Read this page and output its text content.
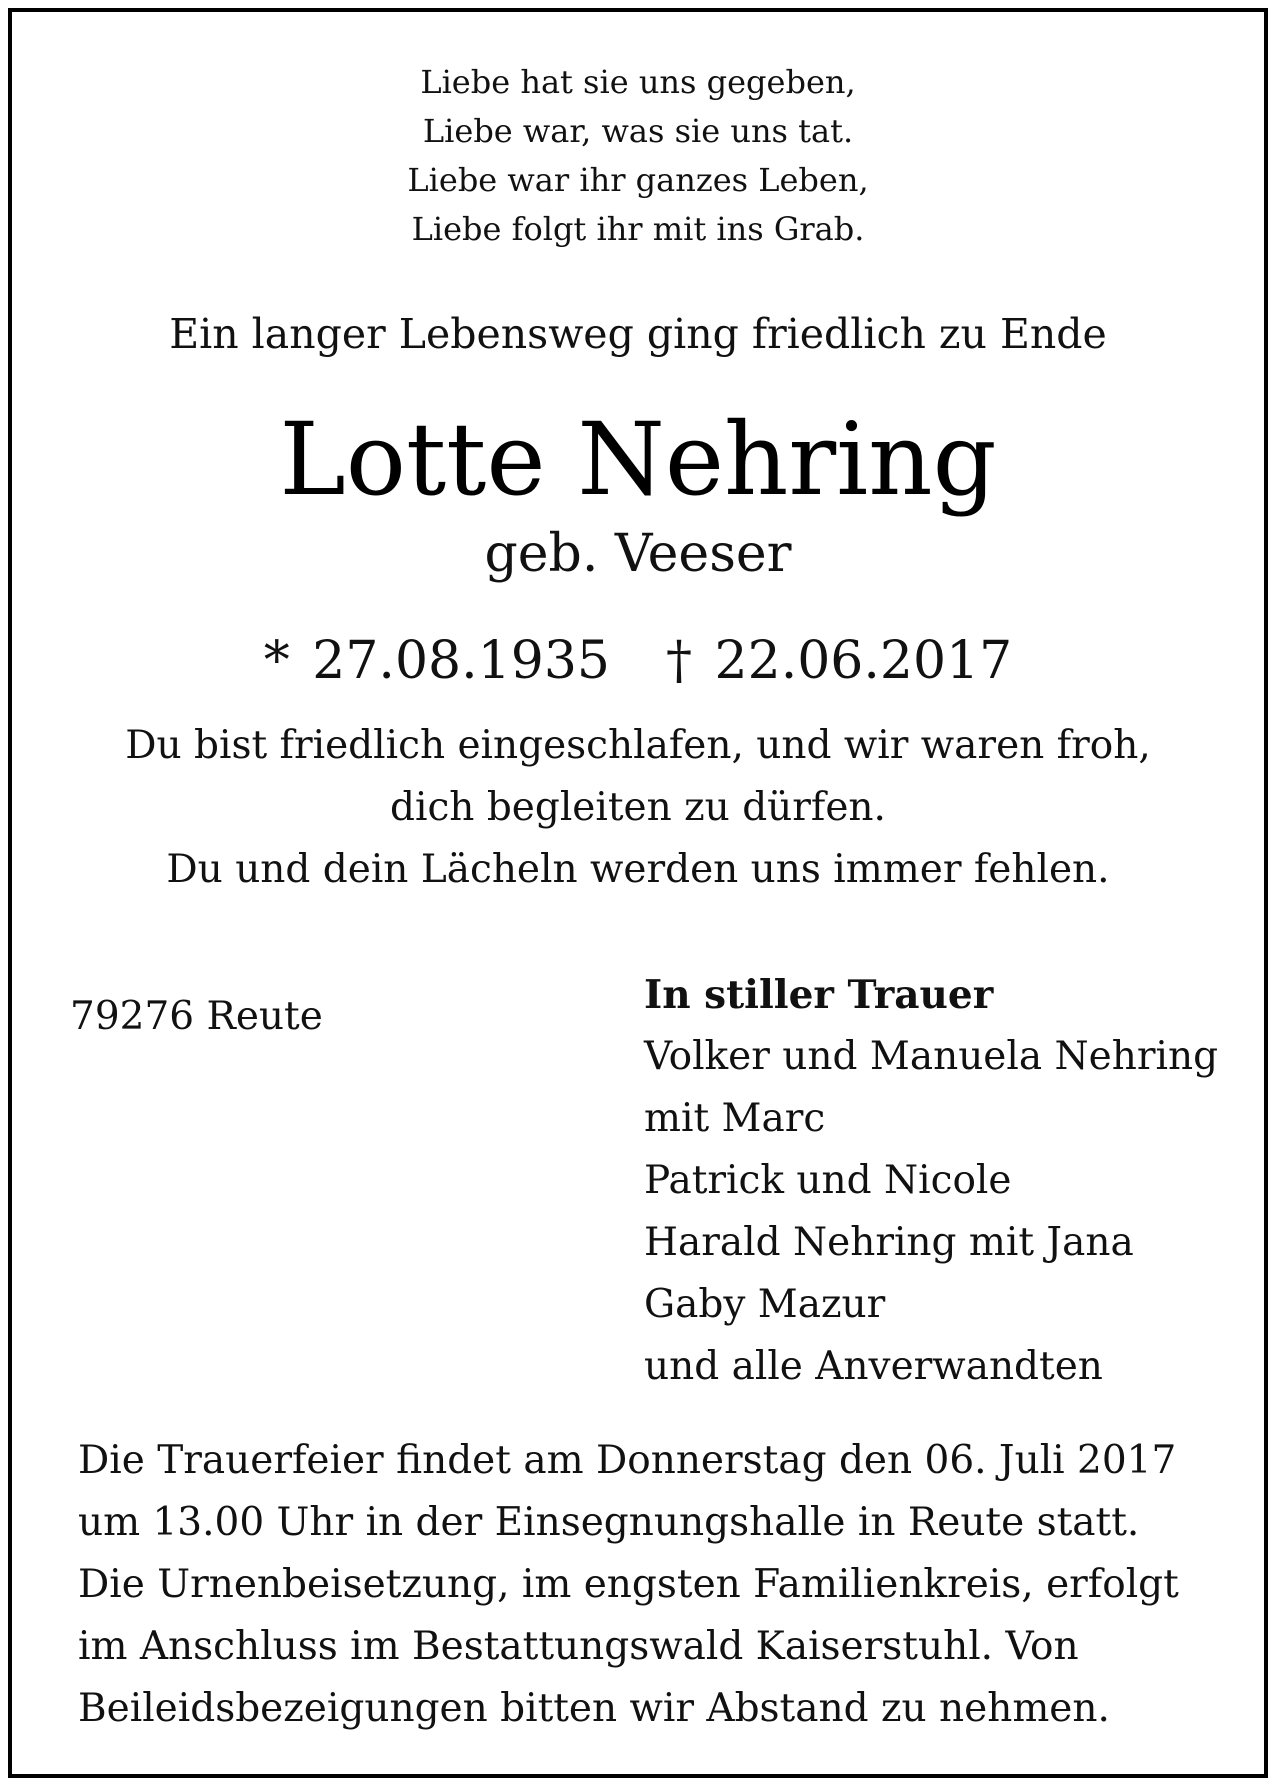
Liebe hat sie uns gegeben,
Liebe war, was sie uns tat.
Liebe war ihr ganzes Leben,
Liebe folgt ihr mit ins Grab.
Ein langer Lebensweg ging friedlich zu Ende
Lotte Nehring
geb. Veeser
* 27.08.1935 † 22.06.2017
Du bist friedlich eingeschlafen, und wir waren froh,
dich begleiten zu dürfen.
Du und dein Lächeln werden uns immer fehlen.
79276 Reute	In stiller Trauer
Volker und Manuela Nehring
mit Marc
Patrick und Nicole
Harald Nehring mit Jana
Gaby Mazur
und alle Anverwandten
Die Trauerfeier findet am Donnerstag den 06. Juli 2017
um 13.00 Uhr in der Einsegnungshalle in Reute statt.
Die Urnenbeisetzung, im engsten Familienkreis, erfolgt
im Anschluss im Bestattungswald Kaiserstuhl. Von
Beileidsbezeigungen bitten wir Abstand zu nehmen.
